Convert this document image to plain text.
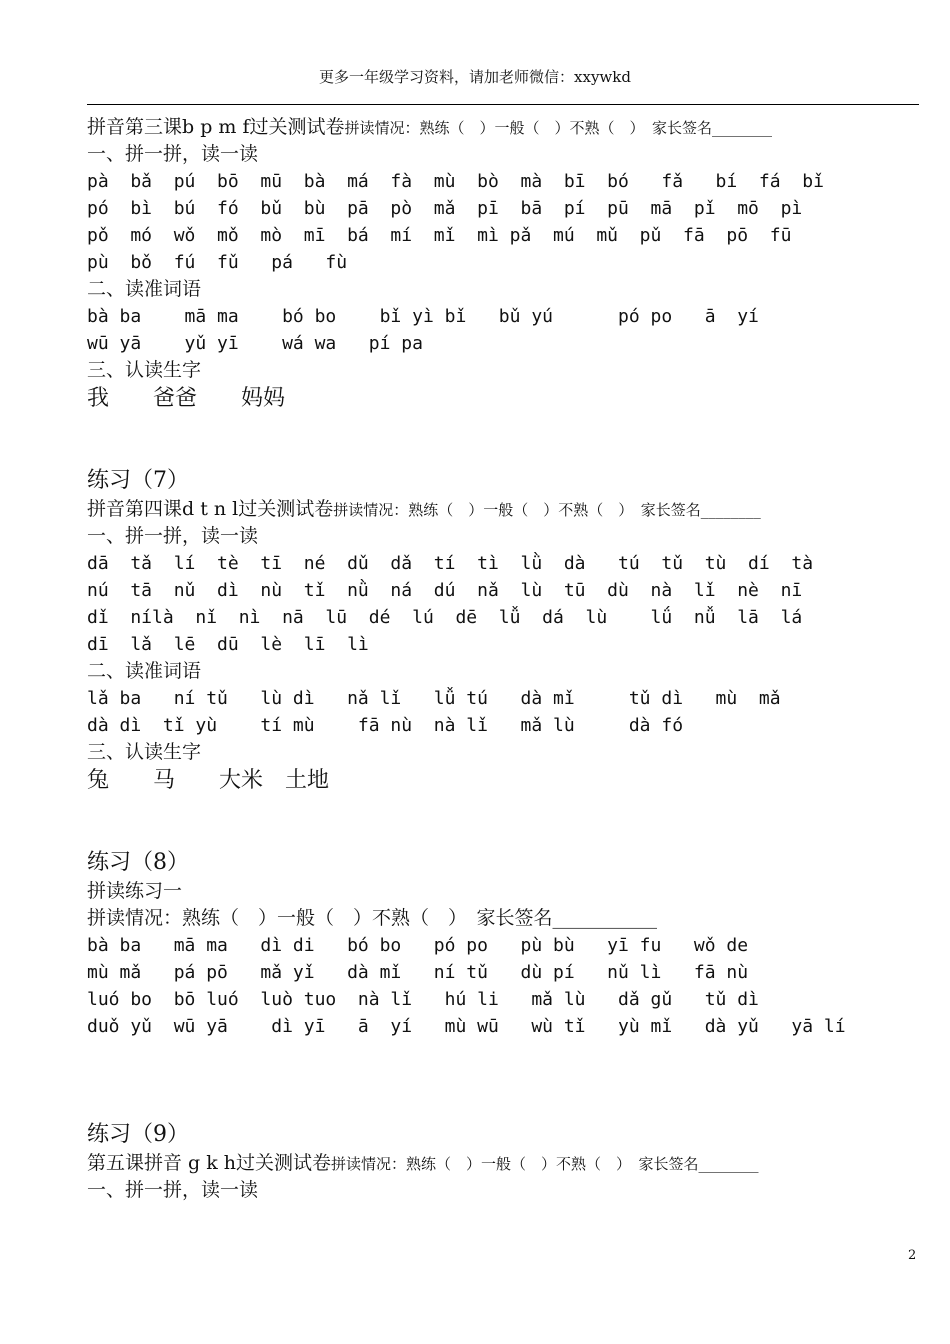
更多一年级学习资料，请加老师微信：xxywkd
拼音第三课b p m f过关测试卷拼读情况：熟练（　）一般（　）不熟（　）　家长签名________
一、拼一拼，读一读
pà  bǎ  pú  bō  mū  bà  má  fà  mù  bò  mà  bī  bó   fǎ   bí  fá  bǐ
pó  bì  bú  fó  bǔ  bù  pā  pò  mǎ  pī  bā  pí  pū  mā  pǐ  mō  pì
pǒ  mó  wǒ  mǒ  mò  mī  bá  mí  mǐ  mì pǎ  mú  mǔ  pǔ  fā  pō  fū
pù  bǒ  fú  fǔ   pá   fù
二、读准词语
bà ba    mā ma    bó bo    bǐ yì bǐ   bǔ yú      pó po   ā  yí
wū yā    yǔ yī    wá wa   pí pa
三、认读生字
我　　爸爸　　妈妈
练习（7）
拼音第四课d t n l过关测试卷拼读情况：熟练（　）一般（　）不熟（　）　家长签名________
一、拼一拼，读一读
dā  tǎ  lí  tè  tī  né  dǔ  dǎ  tí  tì  lǜ  dà   tú  tǔ  tù  dí  tà
nú  tā  nǔ  dì  nù  tǐ  nǜ  ná  dú  nǎ  lù  tū  dù  nà  lǐ  nè  nī
dǐ  nílà  nǐ  nì  nā  lū  dé  lú  dē  lǚ  dá  lù    lǘ  nǚ  lā  lá
dī  lǎ  lē  dū  lè  lī  lì
二、读准词语
lǎ ba   ní tǔ   lù dì   nǎ lǐ   lǚ tú   dà mǐ     tǔ dì   mù  mǎ
dà dì  tǐ yù    tí mù    fā nù  nà lǐ   mǎ lù     dà fó
三、认读生字
兔　　马　　大米　土地
练习（8）
拼读练习一
拼读情况：熟练（　）一般（　）不熟（　）　家长签名___________
bà ba   mā ma   dì di   bó bo   pó po   pù bù   yī fu   wǒ de
mù mǎ   pá pō   mǎ yǐ   dà mǐ   ní tǔ   dù pí   nǔ lì   fā nù
luó bo  bō luó  luò tuo  nà lǐ   hú li   mǎ lù   dǎ gǔ   tǔ dì
duǒ yǔ  wū yā    dì yī   ā  yí   mù wū   wù tǐ   yù mǐ   dà yǔ   yā lí
练习（9）
第五课拼音 g k h过关测试卷拼读情况：熟练（　）一般（　）不熟（　）　家长签名________
一、拼一拼，读一读
2
